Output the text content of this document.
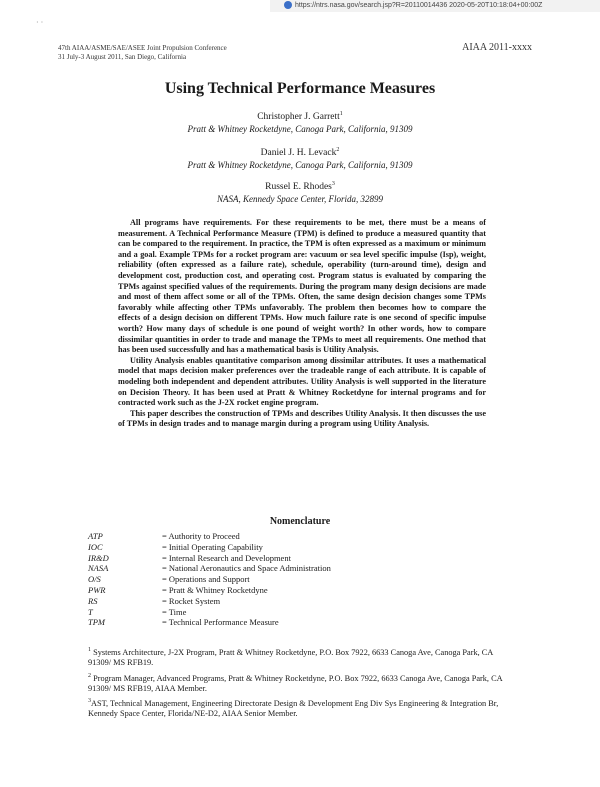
https://ntrs.nasa.gov/search.jsp?R=20110014436 2020-05-20T10:18:04+00:00Z
· ·
47th AIAA/ASME/SAE/ASEE Joint Propulsion Conference
31 July-3 August 2011, San Diego, California
AIAA 2011-xxxx
Using Technical Performance Measures
Christopher J. Garrett$^1$
Pratt & Whitney Rocketdyne, Canoga Park, California, 91309
Daniel J. H. Levack$^2$
Pratt & Whitney Rocketdyne, Canoga Park, California, 91309
Russel E. Rhodes$^3$
NASA, Kennedy Space Center, Florida, 32899

All programs have requirements. For these requirements to be met, there must be a means of measurement. A Technical Performance Measure (TPM) is defined to produce a measured quantity that can be compared to the requirement. In practice, the TPM is often expressed as a maximum or minimum and a goal. Example TPMs for a rocket program are: vacuum or sea level specific impulse (Isp), weight, reliability (often expressed as a failure rate), schedule, operability (turn-around time), design and development cost, production cost, and operating cost. Program status is evaluated by comparing the TPMs against specified values of the requirements. During the program many design decisions are made and most of them affect some or all of the TPMs. Often, the same design decision changes some TPMs favorably while affecting other TPMs unfavorably. The problem then becomes how to compare the effects of a design decision on different TPMs. How much failure rate is one second of specific impulse worth? How many days of schedule is one pound of weight worth? In other words, how to compare dissimilar quantities in order to trade and manage the TPMs to meet all requirements. One method that has been used successfully and has a mathematical basis is Utility Analysis.

Utility Analysis enables quantitative comparison among dissimilar attributes. It uses a mathematical model that maps decision maker preferences over the tradeable range of each attribute. It is capable of modeling both independent and dependent attributes. Utility Analysis is well supported in the literature on Decision Theory. It has been used at Pratt & Whitney Rocketdyne for internal programs and for contracted work such as the J-2X rocket engine program.

This paper describes the construction of TPMs and describes Utility Analysis. It then discusses the use of TPMs in design trades and to manage margin during a program using Utility Analysis.

Nomenclature
ATP	= Authority to Proceed
IOC	= Initial Operating Capability
IR&D	= Internal Research and Development
NASA	= National Aeronautics and Space Administration
O/S	= Operations and Support
PWR	= Pratt & Whitney Rocketdyne
RS	= Rocket System
T	= Time
TPM	= Technical Performance Measure
$^1$ Systems Architecture, J-2X Program, Pratt & Whitney Rocketdyne, P.O. Box 7922, 6633 Canoga Ave, Canoga Park, CA 91309/ MS RFB19.
$^2$ Program Manager, Advanced Programs, Pratt & Whitney Rocketdyne, P.O. Box 7922, 6633 Canoga Ave, Canoga Park, CA 91309/ MS RFB19, AIAA Member.
$^3$AST, Technical Management, Engineering Directorate Design & Development Eng Div Sys Engineering & Integration Br, Kennedy Space Center, Florida/NE-D2, AIAA Senior Member.
